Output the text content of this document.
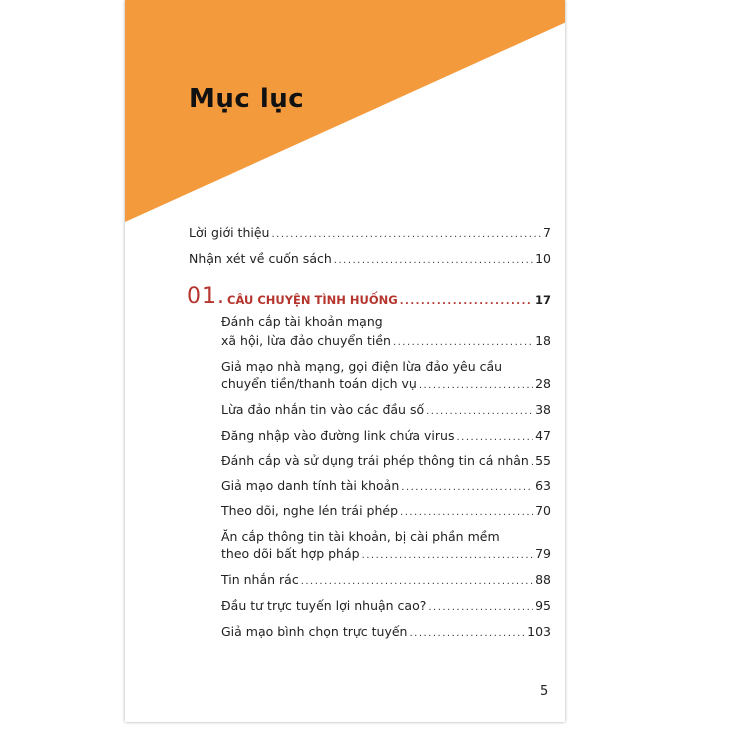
Mục lục
Lời giới thiệu .....	7
Nhận xét về cuốn sách .....	10
01. CÂU CHUYỆN TÌNH HUỐNG .....	17
Đánh cắp tài khoản mạng
xã hội, lừa đảo chuyển tiền .....	18
Giả mạo nhà mạng, gọi điện lừa đảo yêu cầu
chuyển tiền/thanh toán dịch vụ .....	28
Lừa đảo nhắn tin vào các đầu số .....	38
Đăng nhập vào đường link chứa virus .....	47
Đánh cắp và sử dụng trái phép thông tin cá nhân ..... 55
Giả mạo danh tính tài khoản .....	63
Theo dõi, nghe lén trái phép .....	70
Ăn cắp thông tin tài khoản, bị cài phần mềm
theo dõi bất hợp pháp .....	79
Tin nhắn rác .....	88
Đầu tư trực tuyến lợi nhuận cao? .....	95
Giả mạo bình chọn trực tuyến .....	103
5
